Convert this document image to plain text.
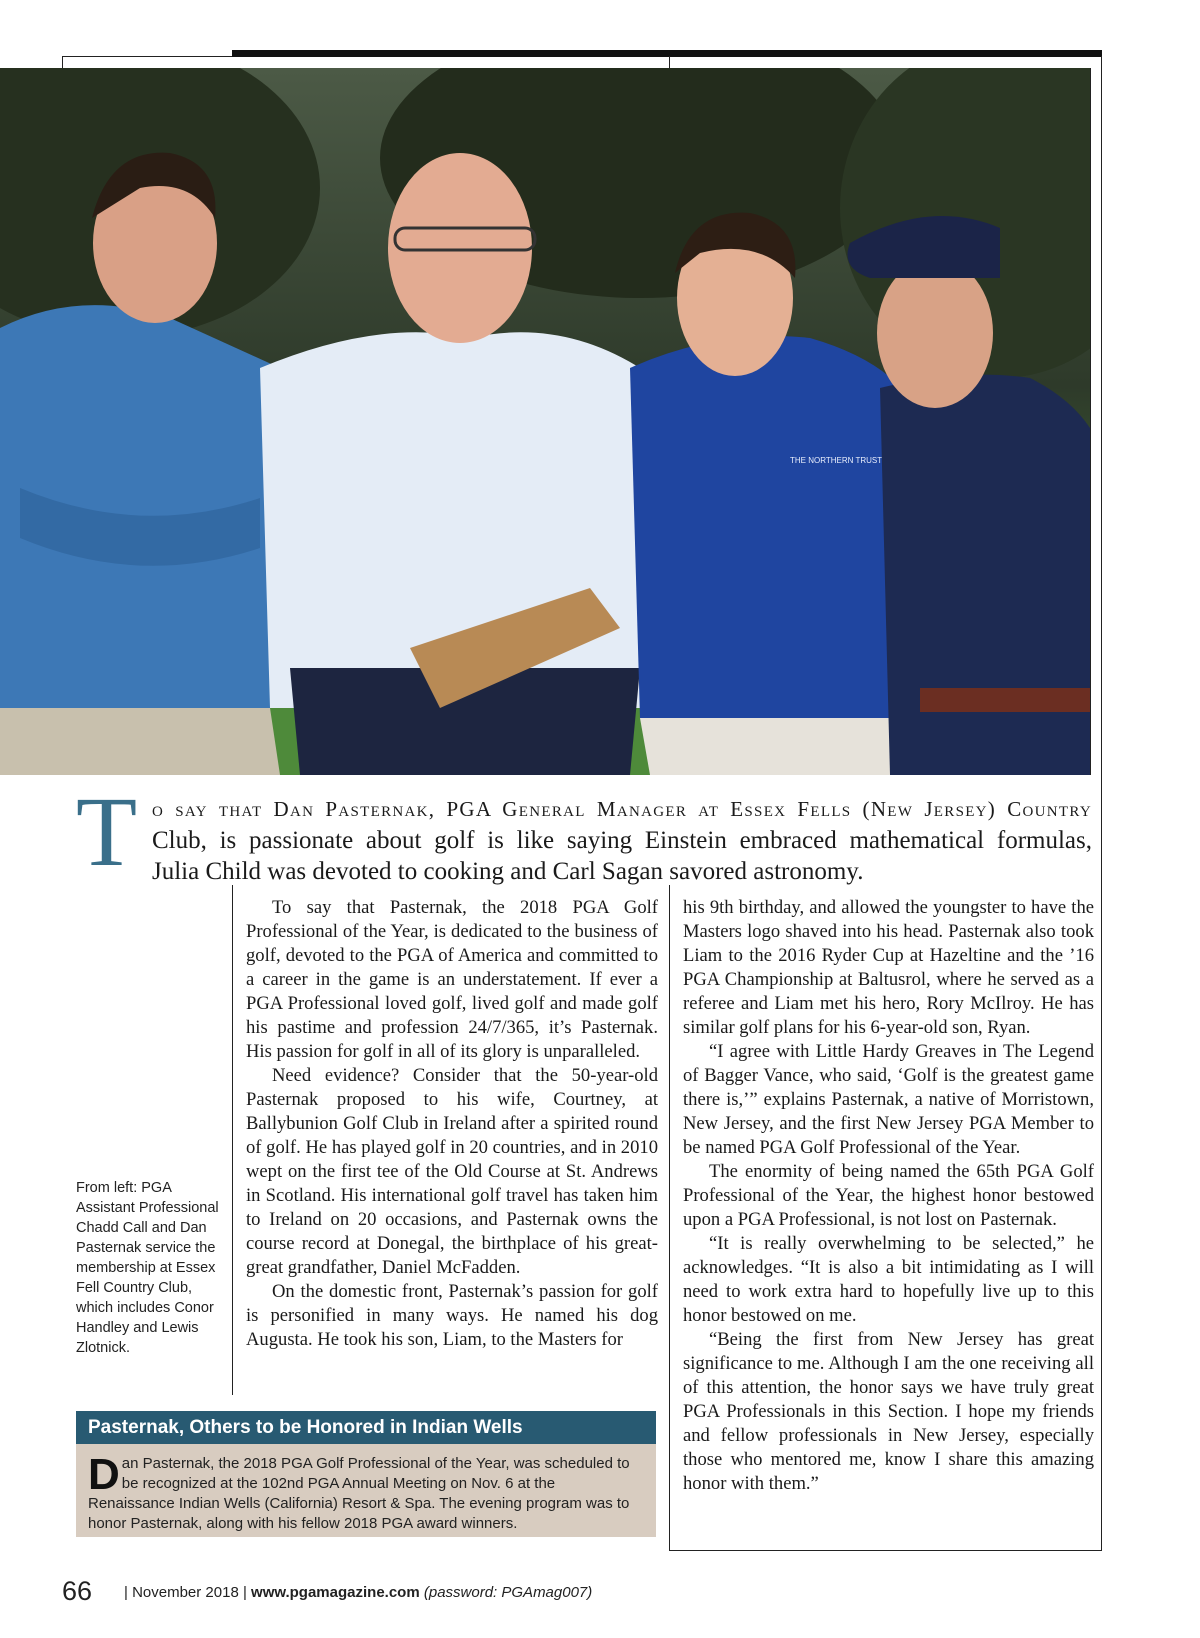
THE NORTHERN TRUST
T o say that Dan Pasternak, PGA General Manager at Essex Fells (New Jersey) Country
Club, is passionate about golf is like saying Einstein embraced mathematical formulas,
Julia Child was devoted to cooking and Carl Sagan savored astronomy.

To say that Pasternak, the 2018 PGA Golf Professional of the Year, is dedicated to the business of golf, devoted to the PGA of America and committed to a career in the game is an understatement. If ever a PGA Professional loved golf, lived golf and made golf his pastime and profession 24/7/365, it’s Pasternak. His passion for golf in all of its glory is unparalleled.

Need evidence? Consider that the 50-year-old Pasternak proposed to his wife, Courtney, at Ballybunion Golf Club in Ireland after a spirited round of golf. He has played golf in 20 countries, and in 2010 wept on the first tee of the Old Course at St. Andrews in Scotland. His international golf travel has taken him to Ireland on 20 occasions, and Pasternak owns the course record at Donegal, the birthplace of his great-great grandfather, Daniel McFadden.

On the domestic front, Pasternak’s passion for golf is personified in many ways. He named his dog Augusta. He took his son, Liam, to the Masters for

his 9th birthday, and allowed the youngster to have the Masters logo shaved into his head. Pasternak also took Liam to the 2016 Ryder Cup at Hazeltine and the ’16 PGA Championship at Baltusrol, where he served as a referee and Liam met his hero, Rory McIlroy. He has similar golf plans for his 6-year-old son, Ryan.

“I agree with Little Hardy Greaves in The Legend of Bagger Vance, who said, ‘Golf is the greatest game there is,’” explains Pasternak, a native of Morristown, New Jersey, and the first New Jersey PGA Member to be named PGA Golf Professional of the Year.

The enormity of being named the 65th PGA Golf Professional of the Year, the highest honor bestowed upon a PGA Professional, is not lost on Pasternak.

“It is really overwhelming to be selected,” he acknowledges. “It is also a bit intimidating as I will need to work extra hard to hopefully live up to this honor bestowed on me.

“Being the first from New Jersey has great significance to me. Although I am the one receiving all of this attention, the honor says we have truly great PGA Professionals in this Section. I hope my friends and fellow professionals in New Jersey, especially those who mentored me, know I share this amazing honor with them.”

From left: PGA Assistant Professional Chadd Call and Dan Pasternak service the membership at Essex Fell Country Club, which includes Conor Handley and Lewis Zlotnick.
Pasternak, Others to be Honored in Indian Wells
D an Pasternak, the 2018 PGA Golf Professional of the Year, was scheduled to be recognized at the 102nd PGA Annual Meeting on Nov. 6 at the Renaissance Indian Wells (California) Resort & Spa. The evening program was to honor Pasternak, along with his fellow 2018 PGA award winners.
66 | November 2018 | www.pgamagazine.com (password: PGAmag007)
